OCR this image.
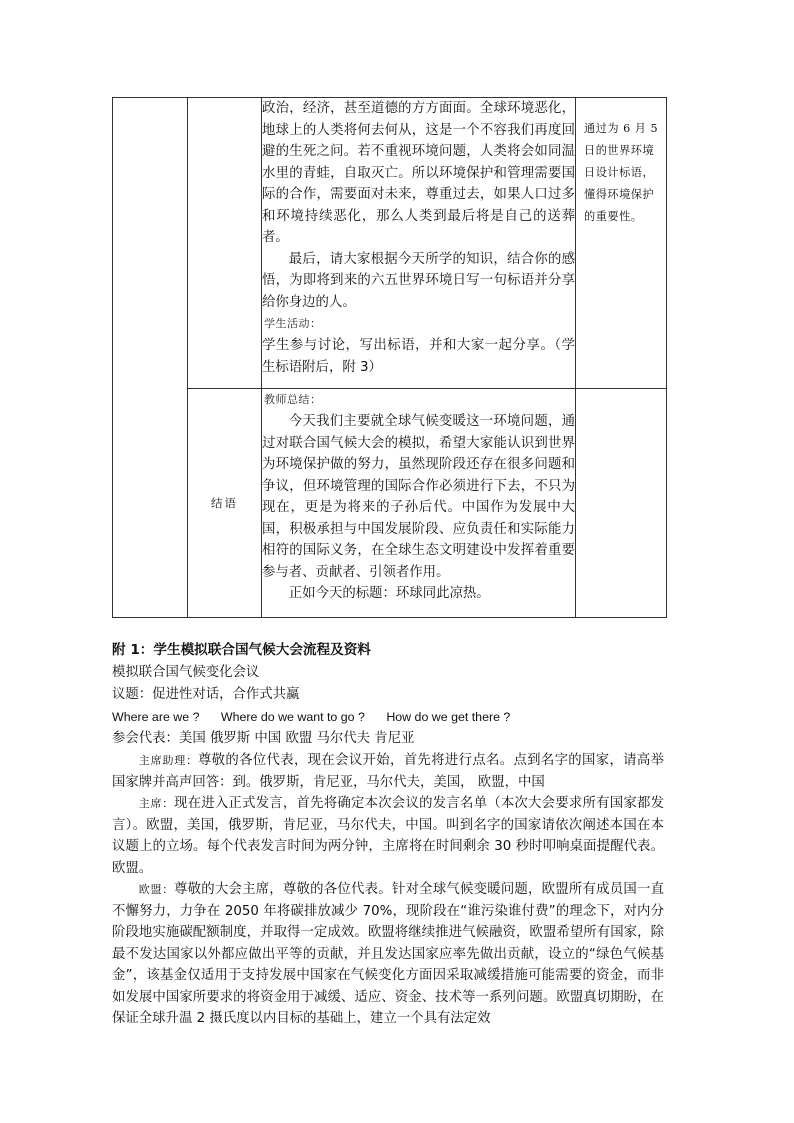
		政治，经济，甚至道德的方方面面。全球环境恶化，地球上的人类将何去何从，这是一个不容我们再度回避的生死之问。若不重视环境问题，人类将会如同温水里的青蛙，自取灭亡。所以环境保护和管理需要国际的合作，需要面对未来，尊重过去，如果人口过多和环境持续恶化，那么人类到最后将是自己的送葬者。

最后，请大家根据今天所学的知识，结合你的感悟，为即将到来的六五世界环境日写一句标语并分享给你身边的人。

学生活动：

学生参与讨论，写出标语，并和大家一起分享。（学生标语附后，附 3）	通过为 6 月 5 日的世界环境日设计标语，懂得环境保护的重要性。

	结语	教师总结：

今天我们主要就全球气候变暖这一环境问题，通过对联合国气候大会的模拟，希望大家能认识到世界为环境保护做的努力，虽然现阶段还存在很多问题和争议，但环境管理的国际合作必须进行下去，不只为现在，更是为将来的子孙后代。中国作为发展中大国，积极承担与中国发展阶段、应负责任和实际能力相符的国际义务，在全球生态文明建设中发挥着重要参与者、贡献者、引领者作用。

正如今天的标题：环球同此凉热。	

附 1：学生模拟联合国气候大会流程及资料

模拟联合国气候变化会议

议题：促进性对话，合作式共赢

Where are we ? Where do we want to go ? How do we get there ?

参会代表：美国 俄罗斯 中国 欧盟 马尔代夫 肯尼亚

主席助理：尊敬的各位代表，现在会议开始，首先将进行点名。点到名字的国家，请高举国家牌并高声回答：到。俄罗斯，肯尼亚，马尔代夫，美国， 欧盟，中国

主席：现在进入正式发言，首先将确定本次会议的发言名单（本次大会要求所有国家都发言）。欧盟，美国，俄罗斯，肯尼亚，马尔代夫，中国。叫到名字的国家请依次阐述本国在本议题上的立场。每个代表发言时间为两分钟，主席将在时间剩余 30 秒时叩响桌面提醒代表。欧盟。

欧盟：尊敬的大会主席，尊敬的各位代表。针对全球气候变暖问题，欧盟所有成员国一直不懈努力，力争在 2050 年将碳排放减少 70%，现阶段在“谁污染谁付费”的理念下，对内分阶段地实施碳配额制度，并取得一定成效。欧盟将继续推进气候融资，欧盟希望所有国家，除最不发达国家以外都应做出平等的贡献，并且发达国家应率先做出贡献，设立的“绿色气候基金”，该基金仅适用于支持发展中国家在气候变化方面因采取减缓措施可能需要的资金，而非如发展中国家所要求的将资金用于减缓、适应、资金、技术等一系列问题。欧盟真切期盼，在保证全球升温 2 摄氏度以内目标的基础上，建立一个具有法定效
